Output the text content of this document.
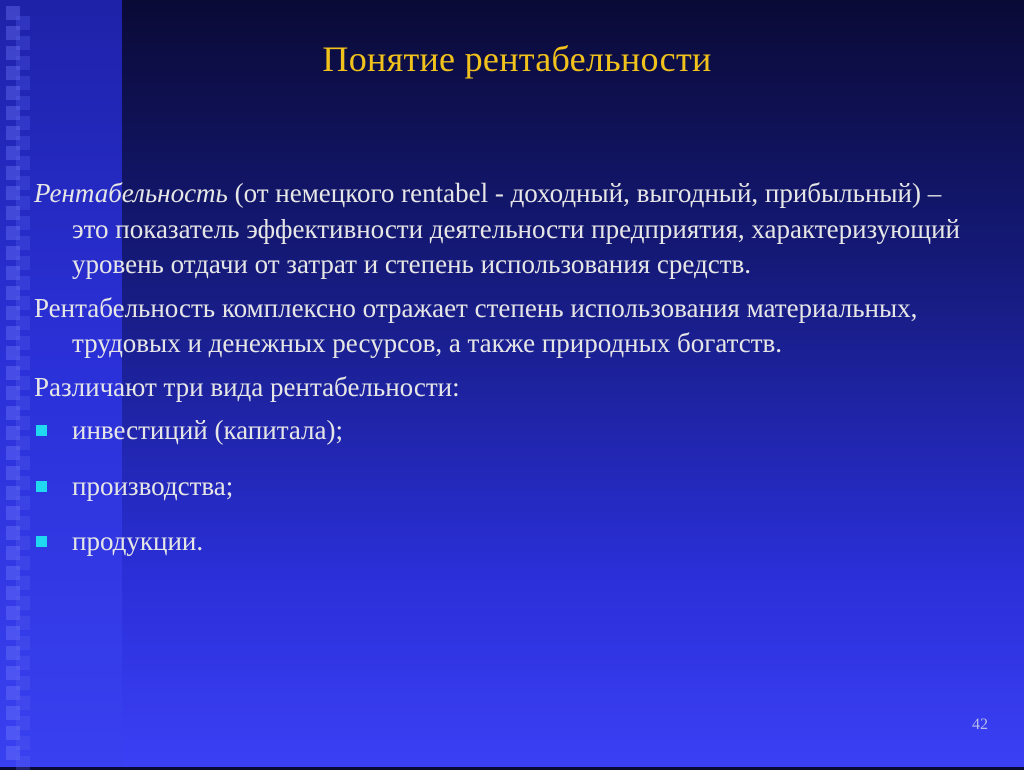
Понятие рентабельности

Рентабельность (от немецкого rentabel - доходный, выгодный, прибыльный) – это показатель эффективности деятельности предприятия, характеризующий уровень отдачи от затрат и степень использования средств.

Рентабельность комплексно отражает степень использования материальных, трудовых и денежных ресурсов, а также природных богатств.

Различают три вида рентабельности:

инвестиций (капитала);
производства;
продукции.
42
